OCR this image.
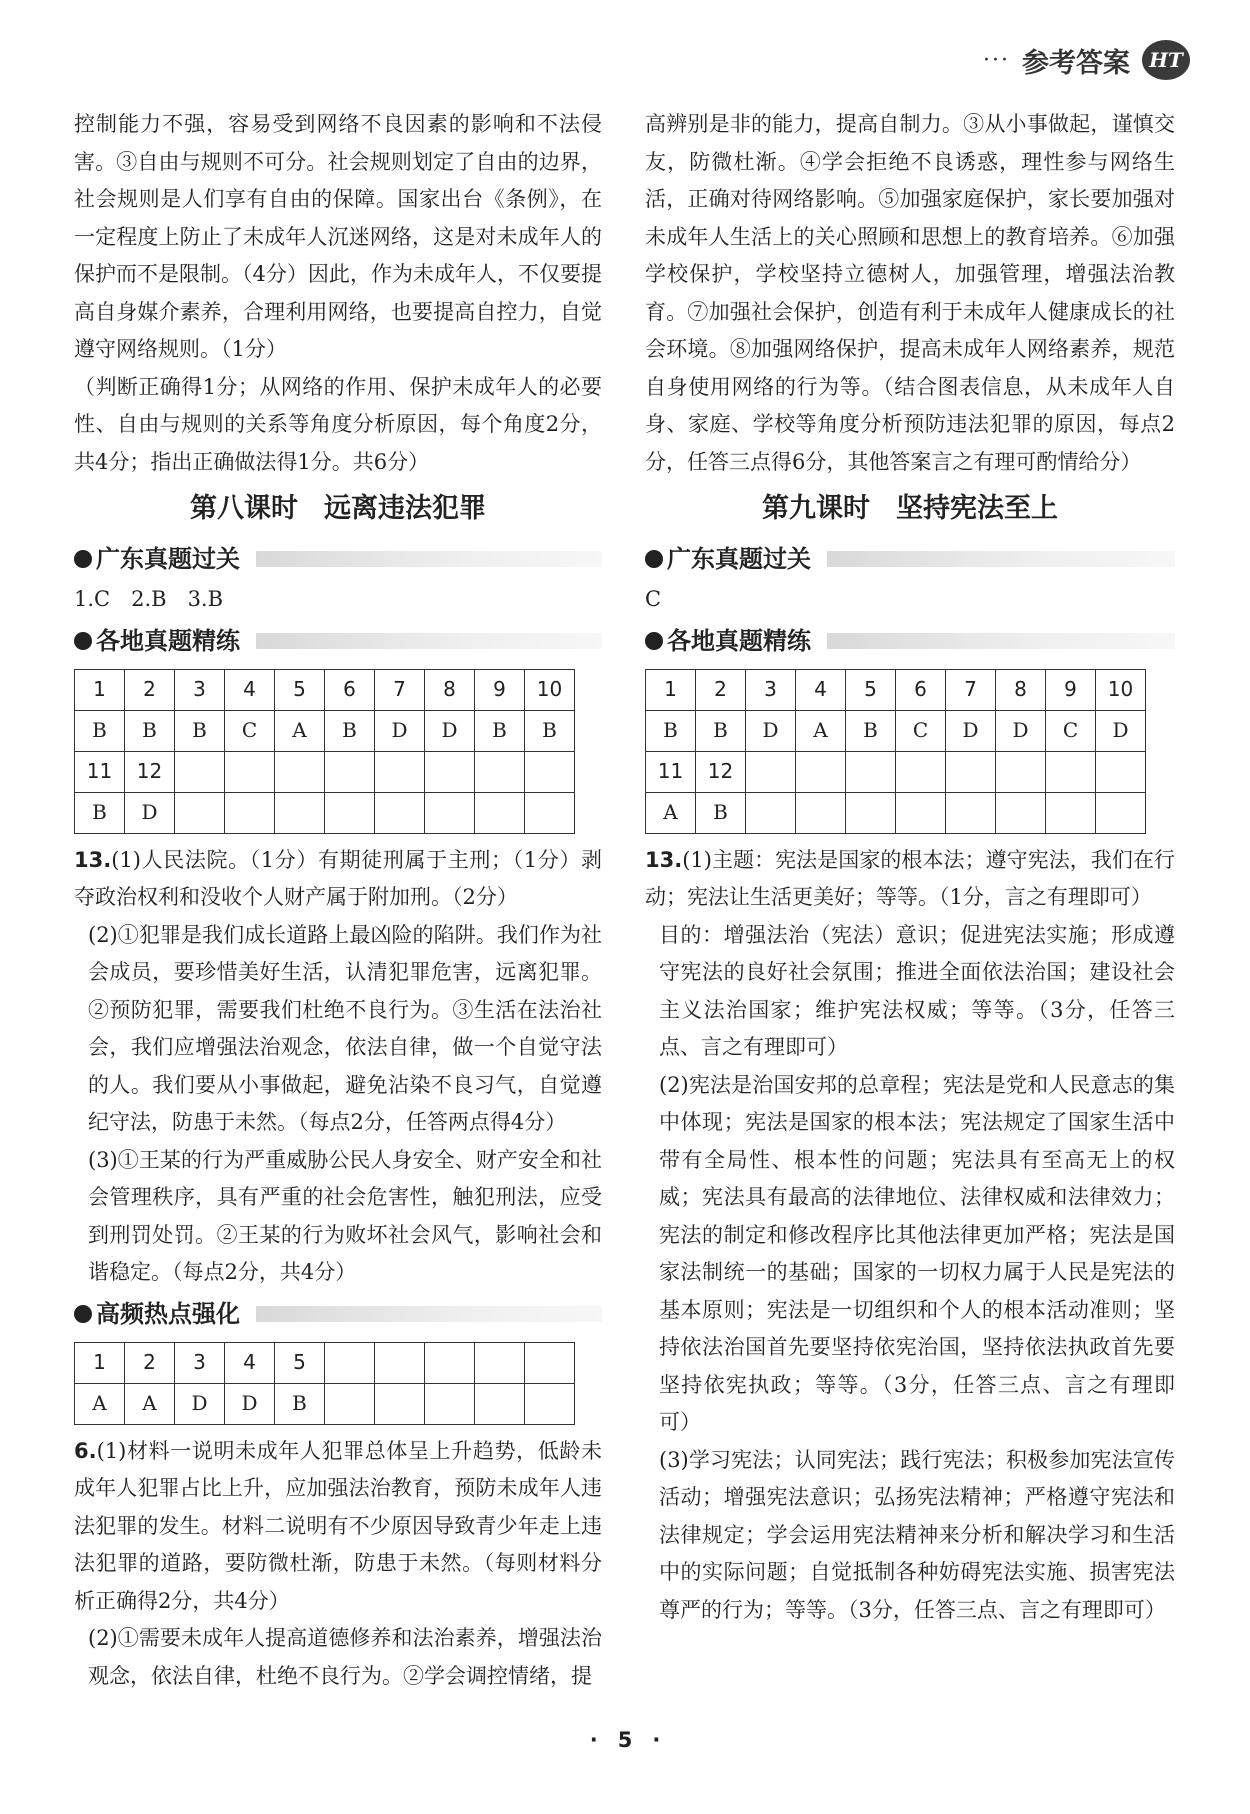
··· 参考答案 HT
控制能力不强，容易受到网络不良因素的影响和不法侵害。③自由与规则不可分。社会规则划定了自由的边界，社会规则是人们享有自由的保障。国家出台《条例》，在一定程度上防止了未成年人沉迷网络，这是对未成年人的保护而不是限制。（4分）因此，作为未成年人，不仅要提高自身媒介素养，合理利用网络，也要提高自控力，自觉遵守网络规则。（1分）
（判断正确得1分；从网络的作用、保护未成年人的必要性、自由与规则的关系等角度分析原因，每个角度2分，共4分；指出正确做法得1分。共6分）
第八课时 远离违法犯罪
广东真题过关
1.C　2.B　3.B
各地真题精练
1	2	3	4	5	6	7	8	9	10
B	B	B	C	A	B	D	D	B	B
11	12								
B	D								
13.(1)人民法院。（1分）有期徒刑属于主刑；（1分）剥夺政治权利和没收个人财产属于附加刑。（2分）
(2)①犯罪是我们成长道路上最凶险的陷阱。我们作为社会成员，要珍惜美好生活，认清犯罪危害，远离犯罪。②预防犯罪，需要我们杜绝不良行为。③生活在法治社会，我们应增强法治观念，依法自律，做一个自觉守法的人。我们要从小事做起，避免沾染不良习气，自觉遵纪守法，防患于未然。（每点2分，任答两点得4分）
(3)①王某的行为严重威胁公民人身安全、财产安全和社会管理秩序，具有严重的社会危害性，触犯刑法，应受到刑罚处罚。②王某的行为败坏社会风气，影响社会和谐稳定。（每点2分，共4分）
高频热点强化
1	2	3	4	5					
A	A	D	D	B					
6.(1)材料一说明未成年人犯罪总体呈上升趋势，低龄未成年人犯罪占比上升，应加强法治教育，预防未成年人违法犯罪的发生。材料二说明有不少原因导致青少年走上违法犯罪的道路，要防微杜渐，防患于未然。（每则材料分析正确得2分，共4分）
(2)①需要未成年人提高道德修养和法治素养，增强法治观念，依法自律，杜绝不良行为。②学会调控情绪，提
高辨别是非的能力，提高自制力。③从小事做起，谨慎交友，防微杜渐。④学会拒绝不良诱惑，理性参与网络生活，正确对待网络影响。⑤加强家庭保护，家长要加强对未成年人生活上的关心照顾和思想上的教育培养。⑥加强学校保护，学校坚持立德树人，加强管理，增强法治教育。⑦加强社会保护，创造有利于未成年人健康成长的社会环境。⑧加强网络保护，提高未成年人网络素养，规范自身使用网络的行为等。（结合图表信息，从未成年人自身、家庭、学校等角度分析预防违法犯罪的原因，每点2分，任答三点得6分，其他答案言之有理可酌情给分）
第九课时 坚持宪法至上
广东真题过关
C
各地真题精练
1	2	3	4	5	6	7	8	9	10
B	B	D	A	B	C	D	D	C	D
11	12								
A	B								
13.(1)主题：宪法是国家的根本法；遵守宪法，我们在行动；宪法让生活更美好；等等。（1分，言之有理即可）
目的：增强法治（宪法）意识；促进宪法实施；形成遵守宪法的良好社会氛围；推进全面依法治国；建设社会主义法治国家；维护宪法权威；等等。（3分，任答三点、言之有理即可）
(2)宪法是治国安邦的总章程；宪法是党和人民意志的集中体现；宪法是国家的根本法；宪法规定了国家生活中带有全局性、根本性的问题；宪法具有至高无上的权威；宪法具有最高的法律地位、法律权威和法律效力；宪法的制定和修改程序比其他法律更加严格；宪法是国家法制统一的基础；国家的一切权力属于人民是宪法的基本原则；宪法是一切组织和个人的根本活动准则；坚持依法治国首先要坚持依宪治国，坚持依法执政首先要坚持依宪执政；等等。（3分，任答三点、言之有理即可）
(3)学习宪法；认同宪法；践行宪法；积极参加宪法宣传活动；增强宪法意识；弘扬宪法精神；严格遵守宪法和法律规定；学会运用宪法精神来分析和解决学习和生活中的实际问题；自觉抵制各种妨碍宪法实施、损害宪法尊严的行为；等等。（3分，任答三点、言之有理即可）
· 5 ·
